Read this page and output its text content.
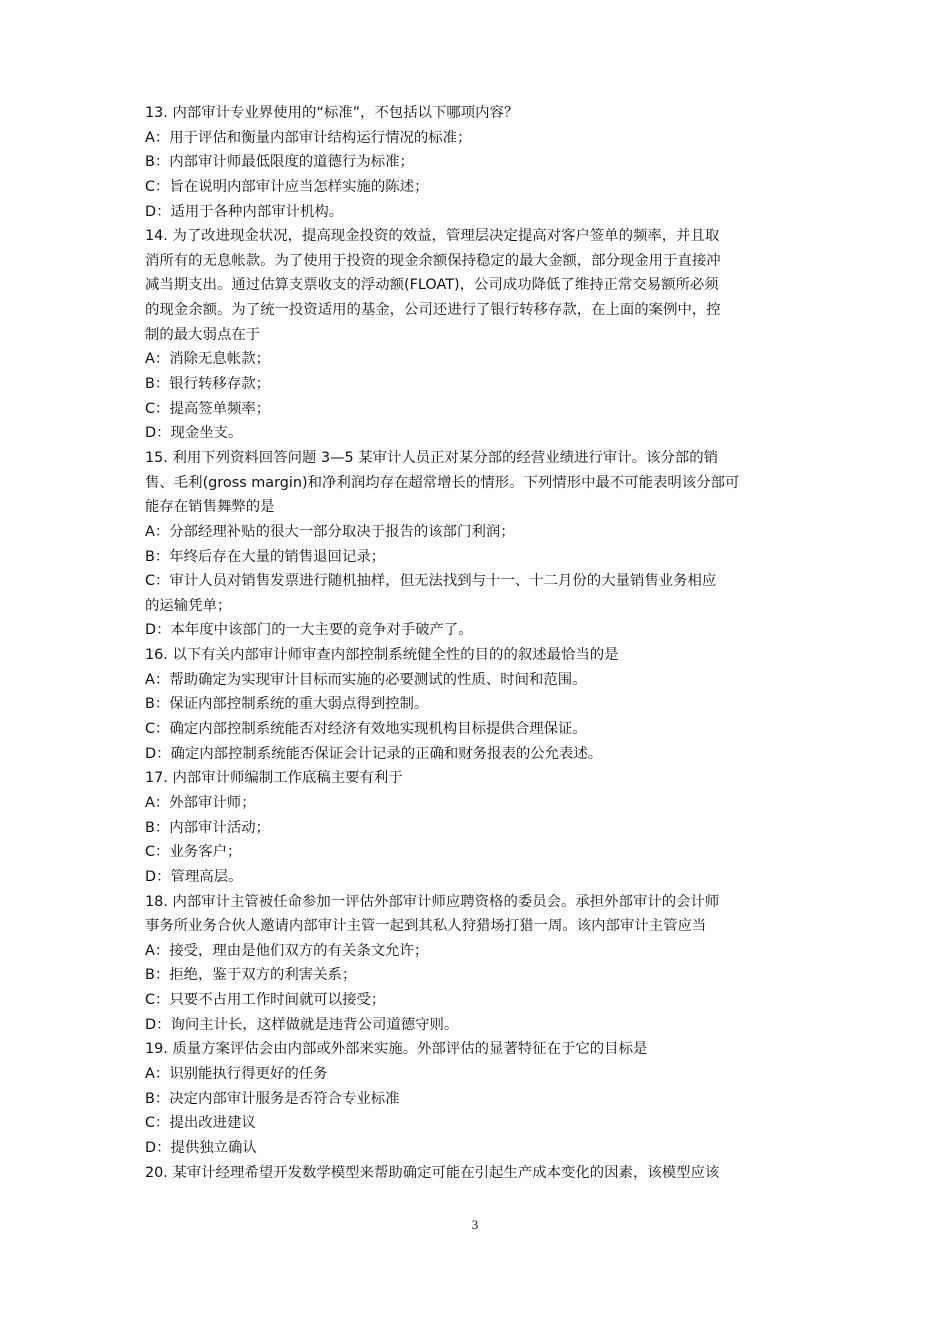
13. 内部审计专业界使用的“标准”，不包括以下哪项内容？
A：用于评估和衡量内部审计结构运行情况的标准；
B：内部审计师最低限度的道德行为标准；
C：旨在说明内部审计应当怎样实施的陈述；
D：适用于各种内部审计机构。
14. 为了改进现金状况，提高现金投资的效益，管理层决定提高对客户签单的频率，并且取
消所有的无息帐款。为了使用于投资的现金余额保持稳定的最大金额，部分现金用于直接冲
减当期支出。通过估算支票收支的浮动额(FLOAT)，公司成功降低了维持正常交易额所必须
的现金余额。为了统一投资适用的基金，公司还进行了银行转移存款，在上面的案例中，控
制的最大弱点在于
A：消除无息帐款；
B：银行转移存款；
C：提高签单频率；
D：现金坐支。
15. 利用下列资料回答问题 3—5 某审计人员正对某分部的经营业绩进行审计。该分部的销
售、毛利(gross margin)和净利润均存在超常增长的情形。下列情形中最不可能表明该分部可
能存在销售舞弊的是
A：分部经理补贴的很大一部分取决于报告的该部门利润；
B：年终后存在大量的销售退回记录；
C：审计人员对销售发票进行随机抽样，但无法找到与十一、十二月份的大量销售业务相应
的运输凭单；
D：本年度中该部门的一大主要的竞争对手破产了。
16. 以下有关内部审计师审查内部控制系统健全性的目的的叙述最恰当的是
A：帮助确定为实现审计目标而实施的必要测试的性质、时间和范围。
B：保证内部控制系统的重大弱点得到控制。
C：确定内部控制系统能否对经济有效地实现机构目标提供合理保证。
D：确定内部控制系统能否保证会计记录的正确和财务报表的公允表述。
17. 内部审计师编制工作底稿主要有利于
A：外部审计师；
B：内部审计活动；
C：业务客户；
D：管理高层。
18. 内部审计主管被任命参加一评估外部审计师应聘资格的委员会。承担外部审计的会计师
事务所业务合伙人邀请内部审计主管一起到其私人狩猎场打猎一周。该内部审计主管应当
A：接受，理由是他们双方的有关条文允许；
B：拒绝，鉴于双方的利害关系；
C：只要不占用工作时间就可以接受；
D：询问主计长，这样做就是违背公司道德守则。
19. 质量方案评估会由内部或外部来实施。外部评估的显著特征在于它的目标是
A：识别能执行得更好的任务
B：决定内部审计服务是否符合专业标准
C：提出改进建议
D：提供独立确认
20. 某审计经理希望开发数学模型来帮助确定可能在引起生产成本变化的因素，该模型应该
3
